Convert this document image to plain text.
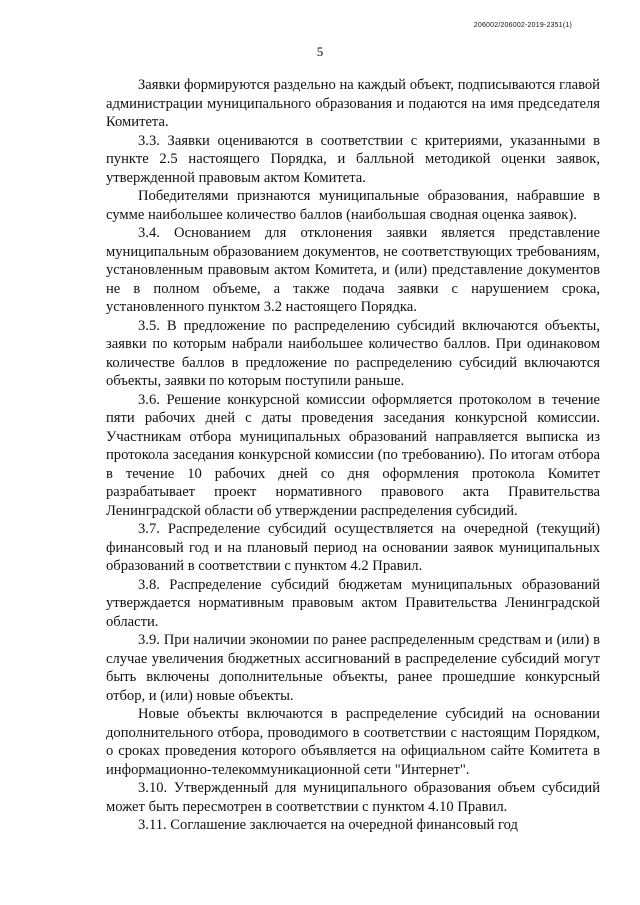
206002/206002-2019-2351(1)
5

Заявки формируются раздельно на каждый объект, подписываются главой администрации муниципального образования и подаются на имя председателя Комитета.

3.3. Заявки оцениваются в соответствии с критериями, указанными в пункте 2.5 настоящего Порядка, и балльной методикой оценки заявок, утвержденной правовым актом Комитета.

Победителями признаются муниципальные образования, набравшие в сумме наибольшее количество баллов (наибольшая сводная оценка заявок).

3.4. Основанием для отклонения заявки является представление муниципальным образованием документов, не соответствующих требованиям, установленным правовым актом Комитета, и (или) представление документов не в полном объеме, а также подача заявки с нарушением срока, установленного пунктом 3.2 настоящего Порядка.

3.5. В предложение по распределению субсидий включаются объекты, заявки по которым набрали наибольшее количество баллов. При одинаковом количестве баллов в предложение по распределению субсидий включаются объекты, заявки по которым поступили раньше.

3.6. Решение конкурсной комиссии оформляется протоколом в течение пяти рабочих дней с даты проведения заседания конкурсной комиссии. Участникам отбора муниципальных образований направляется выписка из протокола заседания конкурсной комиссии (по требованию). По итогам отбора в течение 10 рабочих дней со дня оформления протокола Комитет разрабатывает проект нормативного правового акта Правительства Ленинградской области об утверждении распределения субсидий.

3.7. Распределение субсидий осуществляется на очередной (текущий) финансовый год и на плановый период на основании заявок муниципальных образований в соответствии с пунктом 4.2 Правил.

3.8. Распределение субсидий бюджетам муниципальных образований утверждается нормативным правовым актом Правительства Ленинградской области.

3.9. При наличии экономии по ранее распределенным средствам и (или) в случае увеличения бюджетных ассигнований в распределение субсидий могут быть включены дополнительные объекты, ранее прошедшие конкурсный отбор, и (или) новые объекты.

Новые объекты включаются в распределение субсидий на основании дополнительного отбора, проводимого в соответствии с настоящим Порядком, о сроках проведения которого объявляется на официальном сайте Комитета в информационно-телекоммуникационной сети "Интернет".

3.10. Утвержденный для муниципального образования объем субсидий может быть пересмотрен в соответствии с пунктом 4.10 Правил.

3.11. Соглашение заключается на очередной финансовый год
